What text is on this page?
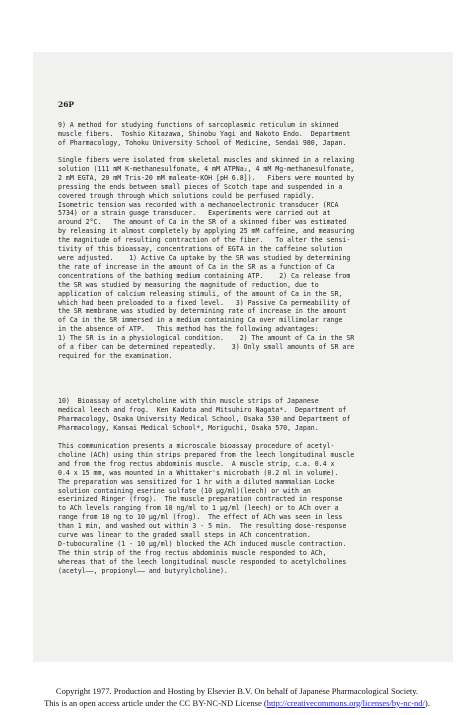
26P

9) A method for studying functions of sarcoplasmic reticulum in skinned
muscle fibers.  Toshio Kitazawa, Shinobu Yagi and Nakoto Endo.  Department
of Pharmacology, Tohoku University School of Medicine, Sendai 980, Japan.

Single fibers were isolated from skeletal muscles and skinned in a relaxing
solution (111 mM K-methanesulfonate, 4 mM ATPNa₂, 4 mM Mg-methanesulfonate,
2 mM EGTA, 20 mM Tris-20 mM maleate-KOH [pH 6.8]).   Fibers were mounted by
pressing the ends between small pieces of Scotch tape and suspended in a
covered trough through which solutions could be perfused rapidly.
Isometric tension was recorded with a mechanoelectronic transducer (RCA
5734) or a strain guage transducer.   Experiments were carried out at
around 2°C.   The amount of Ca in the SR of a skinned fiber was estimated
by releasing it almost completely by applying 25 mM caffeine, and measuring
the magnitude of resulting contraction of the fiber.   To alter the sensi-
tivity of this bioassay, concentrations of EGTA in the caffeine solution
were adjusted.    1) Active Ca uptake by the SR was studied by determining
the rate of increase in the amount of Ca in the SR as a function of Ca
concentrations of the bathing medium containing ATP.    2) Ca release from
the SR was studied by measuring the magnitude of reduction, due to
application of calcium releasing stimuli, of the amount of Ca in the SR,
which had been preloaded to a fixed level.   3) Passive Ca permeability of
the SR membrane was studied by determining rate of increase in the amount
of Ca in the SR immersed in a medium containing Ca over millimolar range
in the absence of ATP.   This method has the following advantages:
1) The SR is in a physiological condition.    2) The amount of Ca in the SR
of a fiber can be determined repeatedly.    3) Only small amounts of SR are
required for the examination.

10)  Bioassay of acetylcholine with thin muscle strips of Japanese
medical leech and frog.  Ken Kadota and Mitsuhiro Nagata*.  Department of
Pharmacology, Osaka University Medical School, Osaka 530 and Department of
Pharmacology, Kansai Medical School*, Moriguchi, Osaka 570, Japan.

This communication presents a microscale bioassay procedure of acetyl-
choline (ACh) using thin strips prepared from the leech longitudinal muscle
and from the frog rectus abdominis muscle.  A muscle strip, c.a. 0.4 x
0.4 x 15 mm, was mounted in a Whittaker's microbath (0.2 ml in volume).
The preparation was sensitized for 1 hr with a diluted mammalian Locke
solution containing eserine sulfate (10 µg/ml)(leech) or with an
eserinized Ringer (frog).  The muscle preparation contracted in response
to ACh levels ranging from 10 ng/ml to 1 µg/ml (leech) or to ACh over a
range from 10 ng to 10 µg/ml (frog).  The effect of ACh was seen in less
than 1 min, and washed out within 3 - 5 min.  The resulting dose-response
curve was linear to the graded small steps in ACh concentration.
D-tubocuraline (1 - 10 µg/ml) blocked the ACh induced muscle contraction.
The thin strip of the frog rectus abdominis muscle responded to ACh,
whereas that of the leech longitudinal muscle responded to acetylcholines
(acetyl——, propionyl—— and butyrylcholine).

Copyright 1977. Production and Hosting by Elsevier B.V. On behalf of Japanese Pharmacological Society.
This is an open access article under the CC BY-NC-ND License (http://creativecommons.org/licenses/by-nc-nd/).
